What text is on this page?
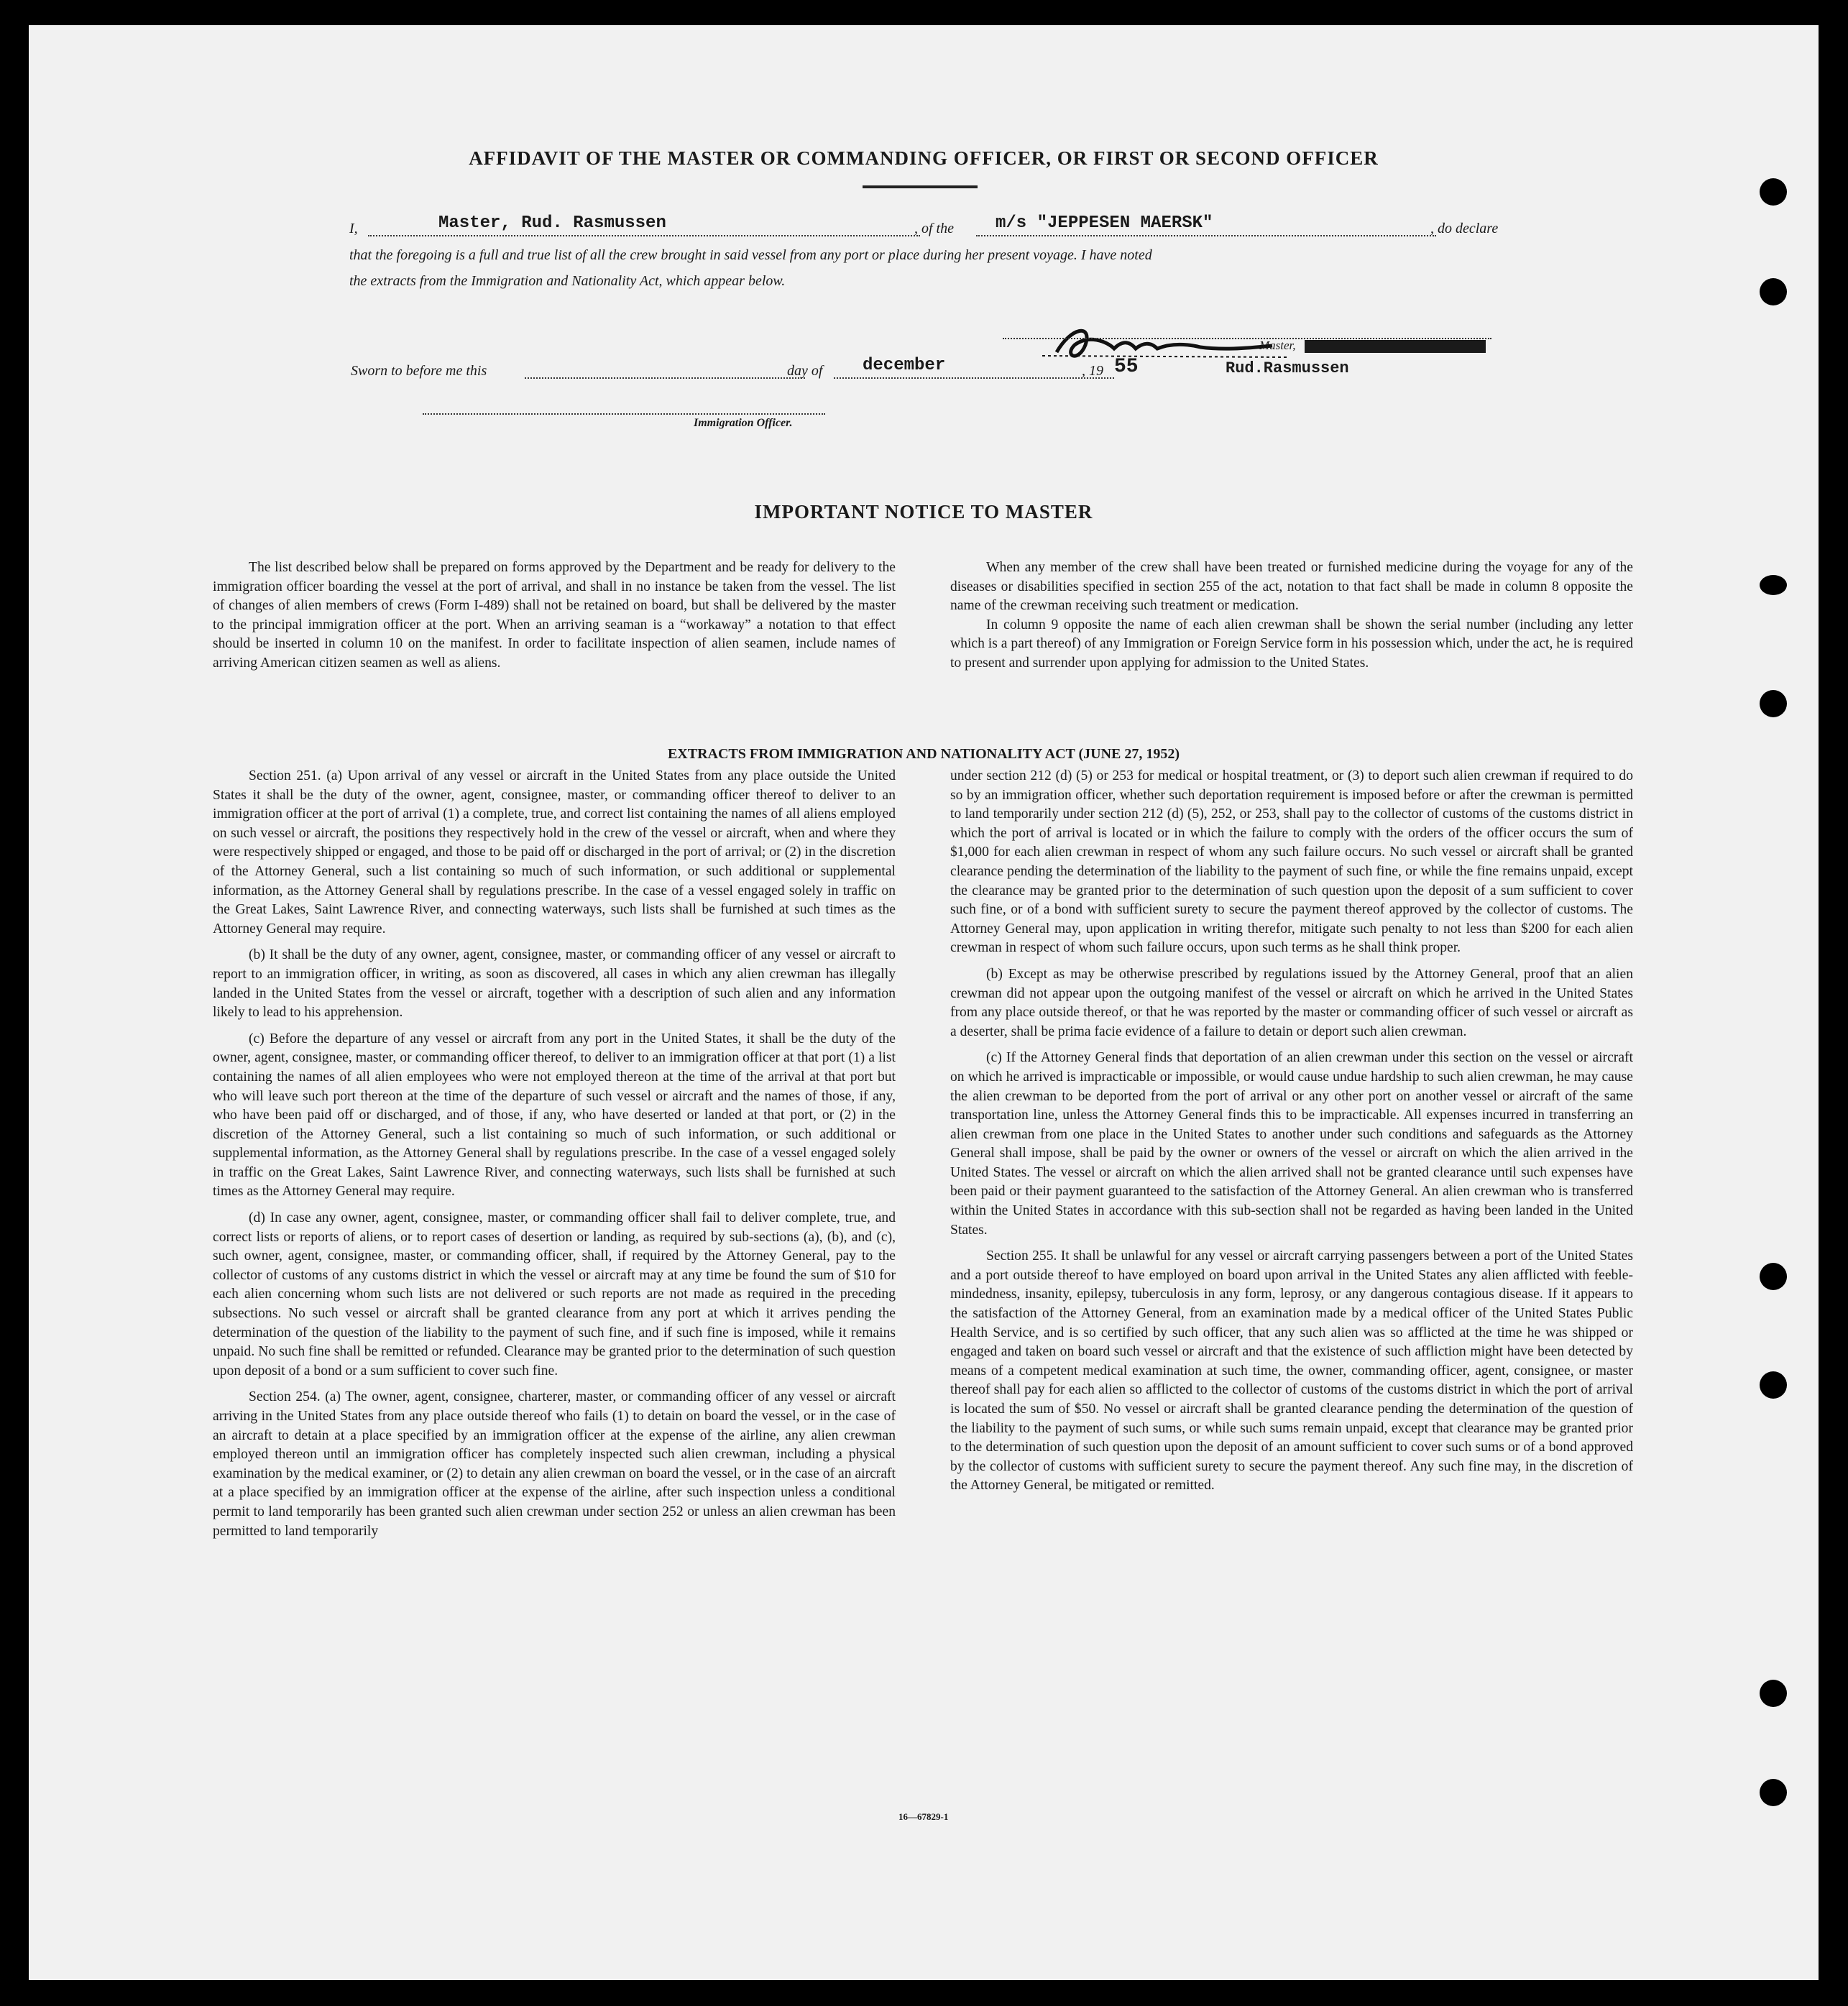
AFFIDAVIT OF THE MASTER OR COMMANDING OFFICER, OR FIRST OR SECOND OFFICER
I,	Master, Rud. Rasmussen	, of the m/s "JEPPESEN MAERSK"	, do declare
that the foregoing is a full and true list of all the crew brought in said vessel from any port or place during her present voyage. I have noted
the extracts from the Immigration and Nationality Act, which appear below.
Master,
Sworn to before me this	day of december	, 19 55	Rud.Rasmussen
Immigration Officer.
IMPORTANT NOTICE TO MASTER

The list described below shall be prepared on forms approved by the Department and be ready for delivery to the immigration officer boarding the vessel at the port of arrival, and shall in no instance be taken from the vessel. The list of changes of alien members of crews (Form I-489) shall not be retained on board, but shall be delivered by the master to the principal immigration officer at the port. When an arriving seaman is a “workaway” a notation to that effect should be inserted in column 10 on the manifest. In order to facilitate inspection of alien seamen, include names of arriving American citizen seamen as well as aliens.

When any member of the crew shall have been treated or furnished medicine during the voyage for any of the diseases or disabilities specified in section 255 of the act, notation to that fact shall be made in column 8 opposite the name of the crewman receiving such treatment or medication.

In column 9 opposite the name of each alien crewman shall be shown the serial number (including any letter which is a part thereof) of any Immigration or Foreign Service form in his possession which, under the act, he is required to present and surrender upon applying for admission to the United States.

EXTRACTS FROM IMMIGRATION AND NATIONALITY ACT (JUNE 27, 1952)

Section 251. (a) Upon arrival of any vessel or aircraft in the United States from any place outside the United States it shall be the duty of the owner, agent, consignee, master, or commanding officer thereof to deliver to an immigration officer at the port of arrival (1) a complete, true, and correct list containing the names of all aliens employed on such vessel or aircraft, the positions they respectively hold in the crew of the vessel or aircraft, when and where they were respectively shipped or engaged, and those to be paid off or discharged in the port of arrival; or (2) in the discretion of the Attorney General, such a list containing so much of such information, or such additional or supplemental information, as the Attorney General shall by regulations prescribe. In the case of a vessel engaged solely in traffic on the Great Lakes, Saint Lawrence River, and connecting waterways, such lists shall be furnished at such times as the Attorney General may require.

(b) It shall be the duty of any owner, agent, consignee, master, or commanding officer of any vessel or aircraft to report to an immigration officer, in writing, as soon as discovered, all cases in which any alien crewman has illegally landed in the United States from the vessel or aircraft, together with a description of such alien and any information likely to lead to his apprehension.

(c) Before the departure of any vessel or aircraft from any port in the United States, it shall be the duty of the owner, agent, consignee, master, or commanding officer thereof, to deliver to an immigration officer at that port (1) a list containing the names of all alien employees who were not employed thereon at the time of the arrival at that port but who will leave such port thereon at the time of the departure of such vessel or aircraft and the names of those, if any, who have been paid off or discharged, and of those, if any, who have deserted or landed at that port, or (2) in the discretion of the Attorney General, such a list containing so much of such information, or such additional or supplemental information, as the Attorney General shall by regulations prescribe. In the case of a vessel engaged solely in traffic on the Great Lakes, Saint Lawrence River, and connecting waterways, such lists shall be furnished at such times as the Attorney General may require.

(d) In case any owner, agent, consignee, master, or commanding officer shall fail to deliver complete, true, and correct lists or reports of aliens, or to report cases of desertion or landing, as required by sub-sections (a), (b), and (c), such owner, agent, consignee, master, or commanding officer, shall, if required by the Attorney General, pay to the collector of customs of any customs district in which the vessel or aircraft may at any time be found the sum of $10 for each alien concerning whom such lists are not delivered or such reports are not made as required in the preceding subsections. No such vessel or aircraft shall be granted clearance from any port at which it arrives pending the determination of the question of the liability to the payment of such fine, and if such fine is imposed, while it remains unpaid. No such fine shall be remitted or refunded. Clearance may be granted prior to the determination of such question upon deposit of a bond or a sum sufficient to cover such fine.

Section 254. (a) The owner, agent, consignee, charterer, master, or commanding officer of any vessel or aircraft arriving in the United States from any place outside thereof who fails (1) to detain on board the vessel, or in the case of an aircraft to detain at a place specified by an immigration officer at the expense of the airline, any alien crewman employed thereon until an immigration officer has completely inspected such alien crewman, including a physical examination by the medical examiner, or (2) to detain any alien crewman on board the vessel, or in the case of an aircraft at a place specified by an immigration officer at the expense of the airline, after such inspection unless a conditional permit to land temporarily has been granted such alien crewman under section 252 or unless an alien crewman has been permitted to land temporarily

under section 212 (d) (5) or 253 for medical or hospital treatment, or (3) to deport such alien crewman if required to do so by an immigration officer, whether such deportation requirement is imposed before or after the crewman is permitted to land temporarily under section 212 (d) (5), 252, or 253, shall pay to the collector of customs of the customs district in which the port of arrival is located or in which the failure to comply with the orders of the officer occurs the sum of $1,000 for each alien crewman in respect of whom any such failure occurs. No such vessel or aircraft shall be granted clearance pending the determination of the liability to the payment of such fine, or while the fine remains unpaid, except the clearance may be granted prior to the determination of such question upon the deposit of a sum sufficient to cover such fine, or of a bond with sufficient surety to secure the payment thereof approved by the collector of customs. The Attorney General may, upon application in writing therefor, mitigate such penalty to not less than $200 for each alien crewman in respect of whom such failure occurs, upon such terms as he shall think proper.

(b) Except as may be otherwise prescribed by regulations issued by the Attorney General, proof that an alien crewman did not appear upon the outgoing manifest of the vessel or aircraft on which he arrived in the United States from any place outside thereof, or that he was reported by the master or commanding officer of such vessel or aircraft as a deserter, shall be prima facie evidence of a failure to detain or deport such alien crewman.

(c) If the Attorney General finds that deportation of an alien crewman under this section on the vessel or aircraft on which he arrived is impracticable or impossible, or would cause undue hardship to such alien crewman, he may cause the alien crewman to be deported from the port of arrival or any other port on another vessel or aircraft of the same transportation line, unless the Attorney General finds this to be impracticable. All expenses incurred in transferring an alien crewman from one place in the United States to another under such conditions and safeguards as the Attorney General shall impose, shall be paid by the owner or owners of the vessel or aircraft on which the alien arrived in the United States. The vessel or aircraft on which the alien arrived shall not be granted clearance until such expenses have been paid or their payment guaranteed to the satisfaction of the Attorney General. An alien crewman who is transferred within the United States in accordance with this sub-section shall not be regarded as having been landed in the United States.

Section 255. It shall be unlawful for any vessel or aircraft carrying passengers between a port of the United States and a port outside thereof to have employed on board upon arrival in the United States any alien afflicted with feeble-mindedness, insanity, epilepsy, tuberculosis in any form, leprosy, or any dangerous contagious disease. If it appears to the satisfaction of the Attorney General, from an examination made by a medical officer of the United States Public Health Service, and is so certified by such officer, that any such alien was so afflicted at the time he was shipped or engaged and taken on board such vessel or aircraft and that the existence of such affliction might have been detected by means of a competent medical examination at such time, the owner, commanding officer, agent, consignee, or master thereof shall pay for each alien so afflicted to the collector of customs of the customs district in which the port of arrival is located the sum of $50. No vessel or aircraft shall be granted clearance pending the determination of the question of the liability to the payment of such sums, or while such sums remain unpaid, except that clearance may be granted prior to the determination of such question upon the deposit of an amount sufficient to cover such sums or of a bond approved by the collector of customs with sufficient surety to secure the payment thereof. Any such fine may, in the discretion of the Attorney General, be mitigated or remitted.

16—67829-1
